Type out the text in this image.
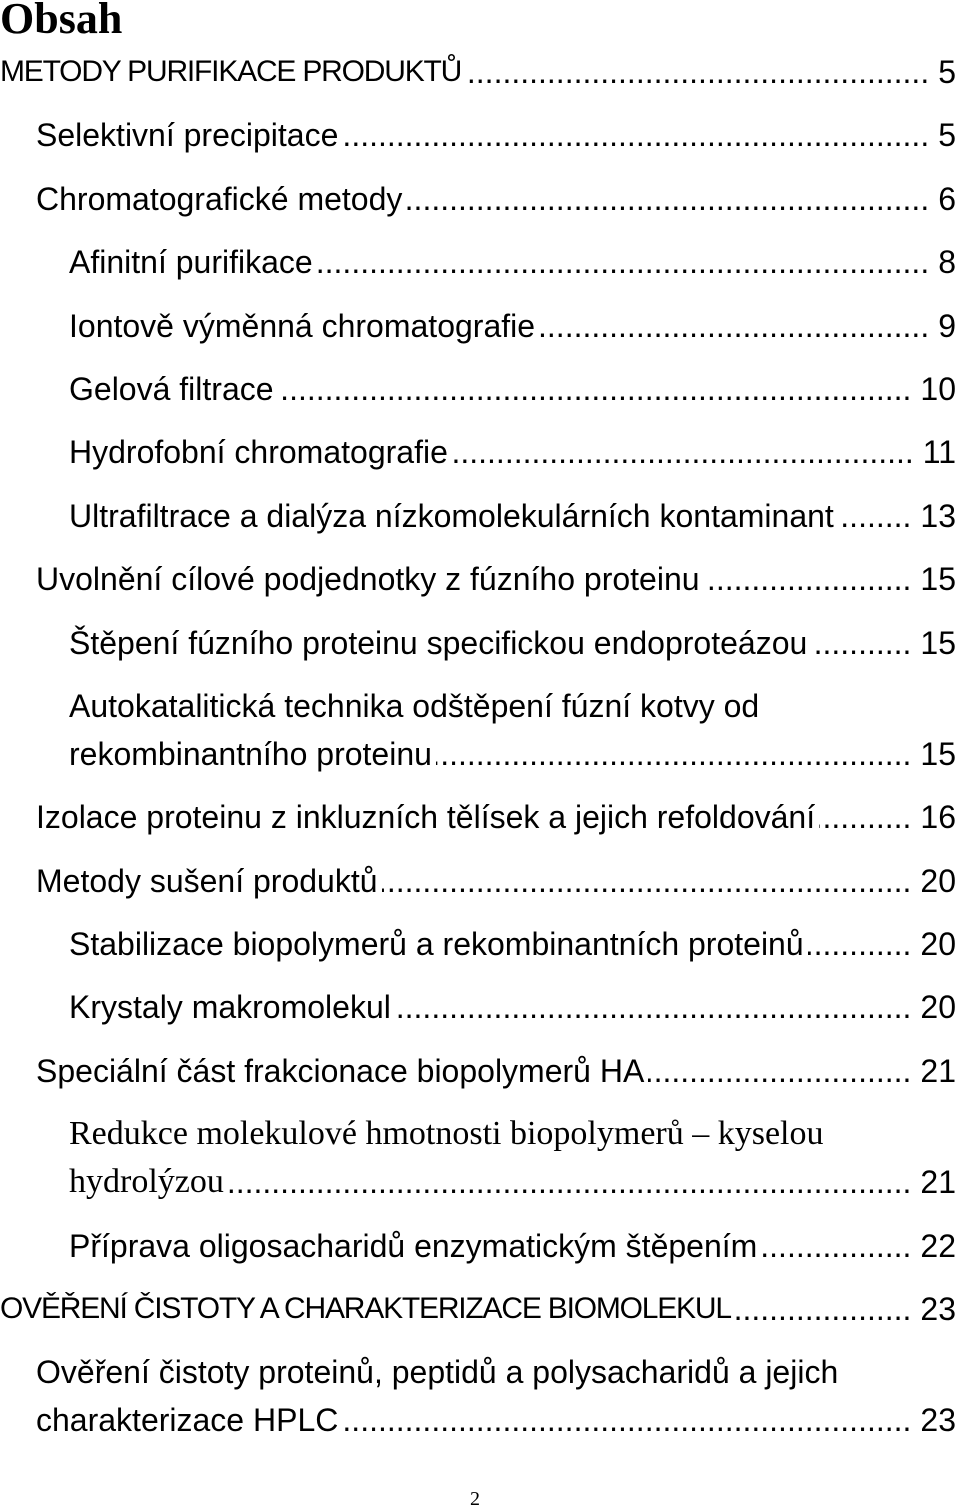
Obsah
METODY PURIFIKACE PRODUKTŮ .....	5
Selektivní precipitace .....	5
Chromatografické metody .....	6
Afinitní purifikace .....	8
Iontově výměnná chromatografie .....	9
Gelová filtrace .....	10
Hydrofobní chromatografie .....	11
Ultrafiltrace a dialýza nízkomolekulárních kontaminant .....	13
Uvolnění cílové podjednotky z fúzního proteinu .....	15
Štěpení fúzního proteinu specifickou endoproteázou .....	15
Autokatalitická technika odštěpení fúzní kotvy od
rekombinantního proteinu .....	15
Izolace proteinu z inkluzních tělísek a jejich refoldování .....	16
Metody sušení produktů .....	20
Stabilizace biopolymerů a rekombinantních proteinů .....	20
Krystaly makromolekul .....	20
Speciální část frakcionace biopolymerů HA .....	21
Redukce molekulové hmotnosti biopolymerů – kyselou
hydrolýzou .....	21
Příprava oligosacharidů enzymatickým štěpením .....	22
OVĚŘENÍ ČISTOTY A CHARAKTERIZACE BIOMOLEKUL .....	23
Ověření čistoty proteinů, peptidů a polysacharidů a jejich
charakterizace HPLC .....	23
2
